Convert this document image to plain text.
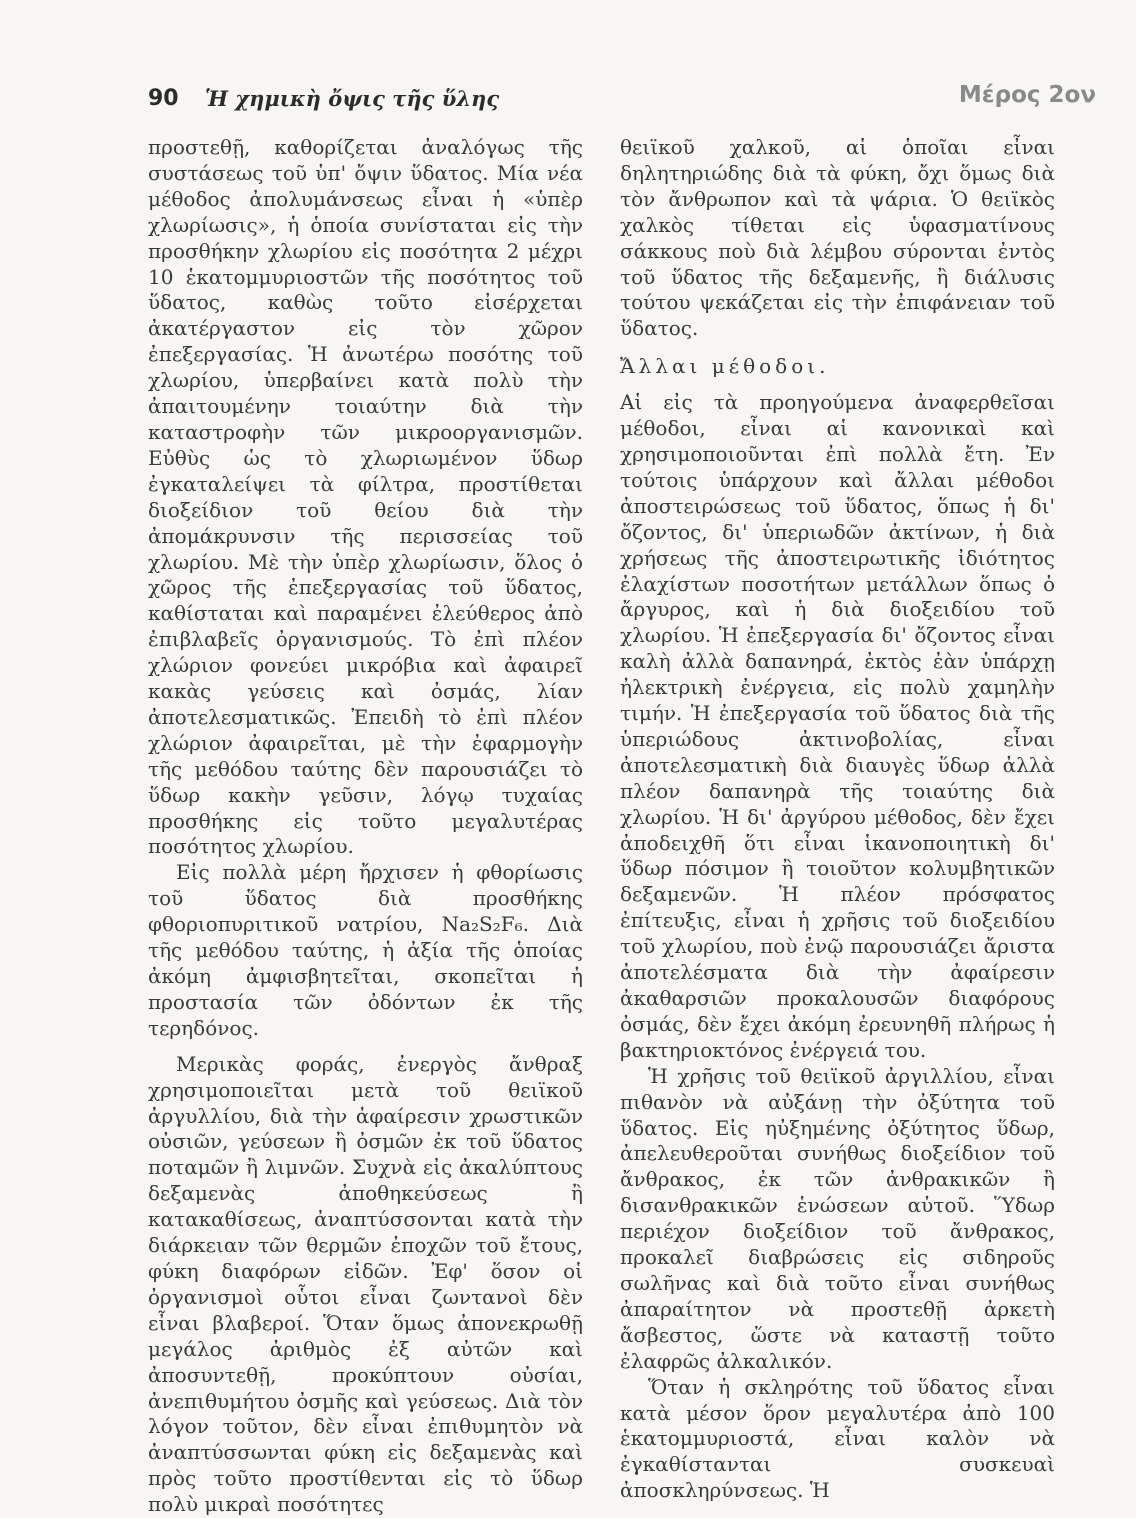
90 Ἡ χημικὴ ὄψις τῆς ὕλης	Μέρος 2ον

προστεθῇ, καθορίζεται ἀναλόγως τῆς συστάσεως τοῦ ὑπ' ὄψιν ὕδατος. Μία νέα μέθοδος ἀπολυμάνσεως εἶναι ἡ «ὑπὲρ χλωρίωσις», ἡ ὁποία συνίσταται εἰς τὴν προσθήκην χλωρίου εἰς ποσότητα 2 μέχρι 10 ἑκατομμυριοστῶν τῆς ποσότητος τοῦ ὕδατος, καθὼς τοῦτο εἰσέρχεται ἀκατέργαστον εἰς τὸν χῶρον ἐπεξεργασίας. Ἡ ἀνωτέρω ποσότης τοῦ χλωρίου, ὑπερβαίνει κατὰ πολὺ τὴν ἀπαιτουμένην τοιαύτην διὰ τὴν καταστροφὴν τῶν μικροοργανισμῶν. Εὐθὺς ὡς τὸ χλωριωμένον ὕδωρ ἐγκαταλείψει τὰ φίλτρα, προστίθεται διοξείδιον τοῦ θείου διὰ τὴν ἀπομάκρυνσιν τῆς περισσείας τοῦ χλωρίου. Μὲ τὴν ὑπὲρ χλωρίωσιν, ὅλος ὁ χῶρος τῆς ἐπεξεργασίας τοῦ ὕδατος, καθίσταται καὶ παραμένει ἐλεύθερος ἀπὸ ἐπιβλαβεῖς ὀργανισμούς. Τὸ ἐπὶ πλέον χλώριον φονεύει μικρόβια καὶ ἀφαιρεῖ κακὰς γεύσεις καὶ ὀσμάς, λίαν ἀποτελεσματικῶς. Ἐπειδὴ τὸ ἐπὶ πλέον χλώριον ἀφαιρεῖται, μὲ τὴν ἐφαρμογὴν τῆς μεθόδου ταύτης δὲν παρουσιάζει τὸ ὕδωρ κακὴν γεῦσιν, λόγῳ τυχαίας προσθήκης εἰς τοῦτο μεγαλυτέρας ποσότητος χλωρίου.

Εἰς πολλὰ μέρη ἤρχισεν ἡ φθορίωσις τοῦ ὕδατος διὰ προσθήκης φθοριοπυριτικοῦ νατρίου, Na₂S₂F₆. Διὰ τῆς μεθόδου ταύτης, ἡ ἀξία τῆς ὁποίας ἀκόμη ἀμφισβητεῖται, σκοπεῖται ἡ προστασία τῶν ὀδόντων ἐκ τῆς τερηδόνος.

Μερικὰς φοράς, ἐνεργὸς ἄνθραξ χρησιμοποιεῖται μετὰ τοῦ θειϊκοῦ ἀργυλλίου, διὰ τὴν ἀφαίρεσιν χρωστικῶν οὐσιῶν, γεύσεων ἢ ὀσμῶν ἐκ τοῦ ὕδατος ποταμῶν ἢ λιμνῶν. Συχνὰ εἰς ἀκαλύπτους δεξαμενὰς ἀποθηκεύσεως ἢ κατακαθίσεως, ἀναπτύσσονται κατὰ τὴν διάρκειαν τῶν θερμῶν ἐποχῶν τοῦ ἔτους, φύκη διαφόρων εἰδῶν. Ἐφ' ὅσον οἱ ὀργανισμοὶ οὗτοι εἶναι ζωντανοὶ δὲν εἶναι βλαβεροί. Ὅταν ὅμως ἀπονεκρωθῇ μεγάλος ἀριθμὸς ἐξ αὐτῶν καὶ ἀποσυντεθῇ, προκύπτουν οὐσίαι, ἀνεπιθυμήτου ὀσμῆς καὶ γεύσεως. Διὰ τὸν λόγον τοῦτον, δὲν εἶναι ἐπιθυμητὸν νὰ ἀναπτύσσωνται φύκη εἰς δεξαμενὰς καὶ πρὸς τοῦτο προστίθενται εἰς τὸ ὕδωρ πολὺ μικραὶ ποσότητες

θειϊκοῦ χαλκοῦ, αἱ ὁποῖαι εἶναι δηλητηριώδης διὰ τὰ φύκη, ὄχι ὅμως διὰ τὸν ἄνθρωπον καὶ τὰ ψάρια. Ὁ θειϊκὸς χαλκὸς τίθεται εἰς ὑφασματίνους σάκκους ποὺ διὰ λέμβου σύρονται ἐντὸς τοῦ ὕδατος τῆς δεξαμενῆς, ἢ διάλυσις τούτου ψεκάζεται εἰς τὴν ἐπιφάνειαν τοῦ ὕδατος.

Ἄλλαι μέθοδοι.

Αἱ εἰς τὰ προηγούμενα ἀναφερθεῖσαι μέθοδοι, εἶναι αἱ κανονικαὶ καὶ χρησιμοποιοῦνται ἐπὶ πολλὰ ἔτη. Ἐν τούτοις ὑπάρχουν καὶ ἄλλαι μέθοδοι ἀποστειρώσεως τοῦ ὕδατος, ὅπως ἡ δι' ὄζοντος, δι' ὑπεριωδῶν ἀκτίνων, ἡ διὰ χρήσεως τῆς ἀποστειρωτικῆς ἰδιότητος ἐλαχίστων ποσοτήτων μετάλλων ὅπως ὁ ἄργυρος, καὶ ἡ διὰ διοξειδίου τοῦ χλωρίου. Ἡ ἐπεξεργασία δι' ὄζοντος εἶναι καλὴ ἀλλὰ δαπανηρά, ἐκτὸς ἐὰν ὑπάρχῃ ἠλεκτρικὴ ἐνέργεια, εἰς πολὺ χαμηλὴν τιμήν. Ἡ ἐπεξεργασία τοῦ ὕδατος διὰ τῆς ὑπεριώδους ἀκτινοβολίας, εἶναι ἀποτελεσματικὴ διὰ διαυγὲς ὕδωρ ἀλλὰ πλέον δαπανηρὰ τῆς τοιαύτης διὰ χλωρίου. Ἡ δι' ἀργύρου μέθοδος, δὲν ἔχει ἀποδειχθῆ ὅτι εἶναι ἱκανοποιητικὴ δι' ὕδωρ πόσιμον ἢ τοιοῦτον κολυμβητικῶν δεξαμενῶν. Ἡ πλέον πρόσφατος ἐπίτευξις, εἶναι ἡ χρῆσις τοῦ διοξειδίου τοῦ χλωρίου, ποὺ ἐνῷ παρουσιάζει ἄριστα ἀποτελέσματα διὰ τὴν ἀφαίρεσιν ἀκαθαρσιῶν προκαλουσῶν διαφόρους ὀσμάς, δὲν ἔχει ἀκόμη ἐρευνηθῆ πλήρως ἡ βακτηριοκτόνος ἐνέργειά του.

Ἡ χρῆσις τοῦ θειϊκοῦ ἀργιλλίου, εἶναι πιθανὸν νὰ αὐξάνῃ τὴν ὀξύτητα τοῦ ὕδατος. Εἰς ηὐξημένης ὀξύτητος ὕδωρ, ἀπελευθεροῦται συνήθως διοξείδιον τοῦ ἄνθρακος, ἐκ τῶν ἀνθρακικῶν ἢ δισανθρακικῶν ἑνώσεων αὐτοῦ. Ὕδωρ περιέχον διοξείδιον τοῦ ἄνθρακος, προκαλεῖ διαβρώσεις εἰς σιδηροῦς σωλῆνας καὶ διὰ τοῦτο εἶναι συνήθως ἀπαραίτητον νὰ προστεθῇ ἀρκετὴ ἄσβεστος, ὥστε νὰ καταστῇ τοῦτο ἐλαφρῶς ἀλκαλικόν.

Ὅταν ἡ σκληρότης τοῦ ὕδατος εἶναι κατὰ μέσον ὅρον μεγαλυτέρα ἀπὸ 100 ἑκατομμυριοστά, εἶναι καλὸν νὰ ἐγκαθίστανται συσκευαὶ ἀποσκληρύνσεως. Ἡ
